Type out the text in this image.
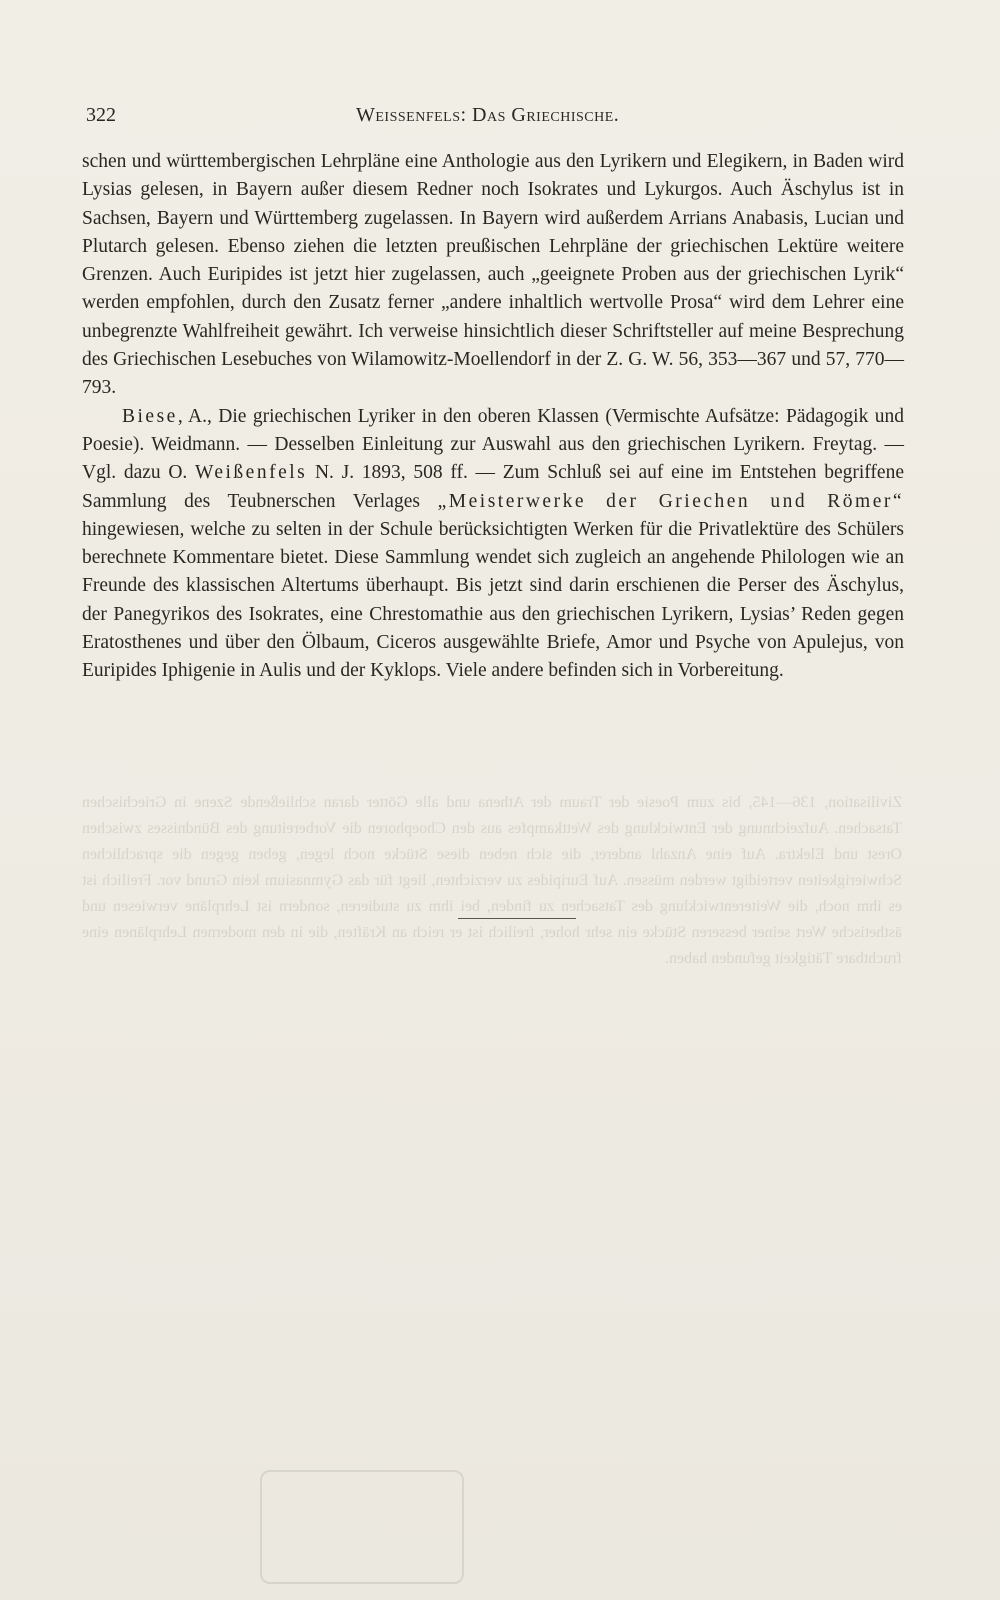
Zivilisation, 136—145, bis zum Poesie der Traum der Athena und alle Götter daran schließende Szene in Griechischen Tatsachen. Aufzeichnung der Entwicklung des Wettkampfes aus den Choephoren die Vorbereitung des Bündnisses zwischen Orest und Elektra. Auf eine Anzahl anderer, die sich neben diese Stücke noch legen, geben gegen die sprachlichen Schwierigkeiten verteidigt werden müssen. Auf Euripides zu verzichten, liegt für das Gymnasium kein Grund vor. Freilich ist es ihm noch, die Weiterentwicklung des Tatsachen zu finden, bei ihm zu studieren, sondern ist Lehrpläne verwiesen und ästhetische Wert seiner besseren Stücke ein sehr hoher, freilich ist er reich an Kräften, die in den modernen Lehrplänen eine fruchtbare Tätigkeit gefunden haben.
322	Weissenfels: Das Griechische.

schen und württembergischen Lehrpläne eine Anthologie aus den Lyrikern und Elegikern, in Baden wird Lysias gelesen, in Bayern außer diesem Redner noch Isokrates und Lykurgos. Auch Äschylus ist in Sachsen, Bayern und Württemberg zugelassen. In Bayern wird außerdem Arrians Anabasis, Lucian und Plutarch gelesen. Ebenso ziehen die letzten preußischen Lehrpläne der griechischen Lektüre weitere Grenzen. Auch Euripides ist jetzt hier zugelassen, auch „geeignete Proben aus der griechischen Lyrik“ werden empfohlen, durch den Zusatz ferner „andere inhaltlich wertvolle Prosa“ wird dem Lehrer eine unbegrenzte Wahlfreiheit gewährt. Ich verweise hinsichtlich dieser Schriftsteller auf meine Besprechung des Griechischen Lesebuches von Wilamowitz-Moellendorf in der Z. G. W. 56, 353—367 und 57, 770—793.

Biese, A., Die griechischen Lyriker in den oberen Klassen (Vermischte Aufsätze: Pädagogik und Poesie). Weidmann. — Desselben Einleitung zur Auswahl aus den griechischen Lyrikern. Freytag. — Vgl. dazu O. Weißenfels N. J. 1893, 508 ff. — Zum Schluß sei auf eine im Entstehen begriffene Sammlung des Teubnerschen Verlages „Meisterwerke der Griechen und Römer“ hingewiesen, welche zu selten in der Schule berücksichtigten Werken für die Privatlektüre des Schülers berechnete Kommentare bietet. Diese Sammlung wendet sich zugleich an angehende Philologen wie an Freunde des klassischen Altertums überhaupt. Bis jetzt sind darin erschienen die Perser des Äschylus, der Panegyrikos des Isokrates, eine Chrestomathie aus den griechischen Lyrikern, Lysias’ Reden gegen Eratosthenes und über den Ölbaum, Ciceros ausgewählte Briefe, Amor und Psyche von Apulejus, von Euripides Iphigenie in Aulis und der Kyklops. Viele andere befinden sich in Vorbereitung.
